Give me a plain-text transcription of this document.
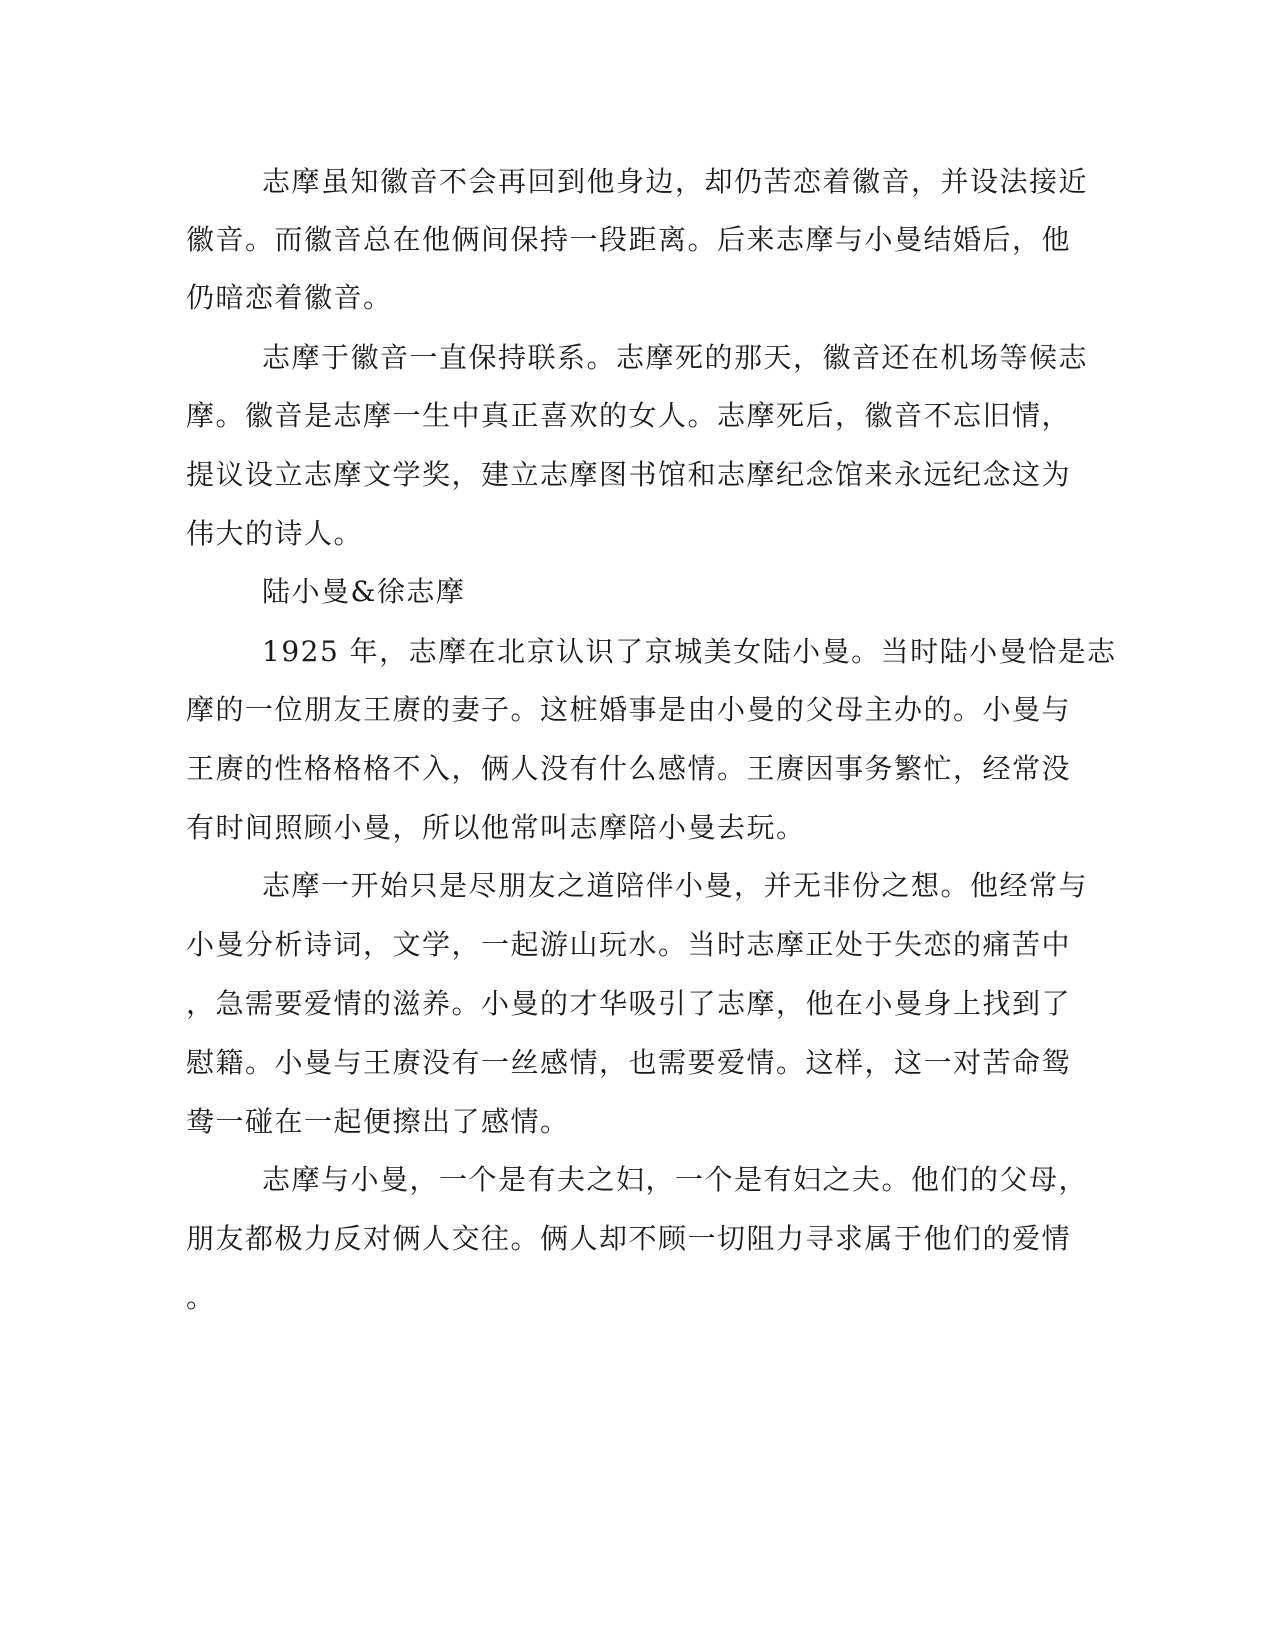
志摩虽知徽音不会再回到他身边，却仍苦恋着徽音，并设法接近
徽音。而徽音总在他俩间保持一段距离。后来志摩与小曼结婚后，他
仍暗恋着徽音。
志摩于徽音一直保持联系。志摩死的那天，徽音还在机场等候志
摩。徽音是志摩一生中真正喜欢的女人。志摩死后，徽音不忘旧情，
提议设立志摩文学奖，建立志摩图书馆和志摩纪念馆来永远纪念这为
伟大的诗人。
陆小曼&徐志摩
1925 年，志摩在北京认识了京城美女陆小曼。当时陆小曼恰是志
摩的一位朋友王赓的妻子。这桩婚事是由小曼的父母主办的。小曼与
王赓的性格格格不入，俩人没有什么感情。王赓因事务繁忙，经常没
有时间照顾小曼，所以他常叫志摩陪小曼去玩。
志摩一开始只是尽朋友之道陪伴小曼，并无非份之想。他经常与
小曼分析诗词，文学，一起游山玩水。当时志摩正处于失恋的痛苦中
，急需要爱情的滋养。小曼的才华吸引了志摩，他在小曼身上找到了
慰籍。小曼与王赓没有一丝感情，也需要爱情。这样，这一对苦命鸳
鸯一碰在一起便擦出了感情。
志摩与小曼，一个是有夫之妇，一个是有妇之夫。他们的父母，
朋友都极力反对俩人交往。俩人却不顾一切阻力寻求属于他们的爱情
。
